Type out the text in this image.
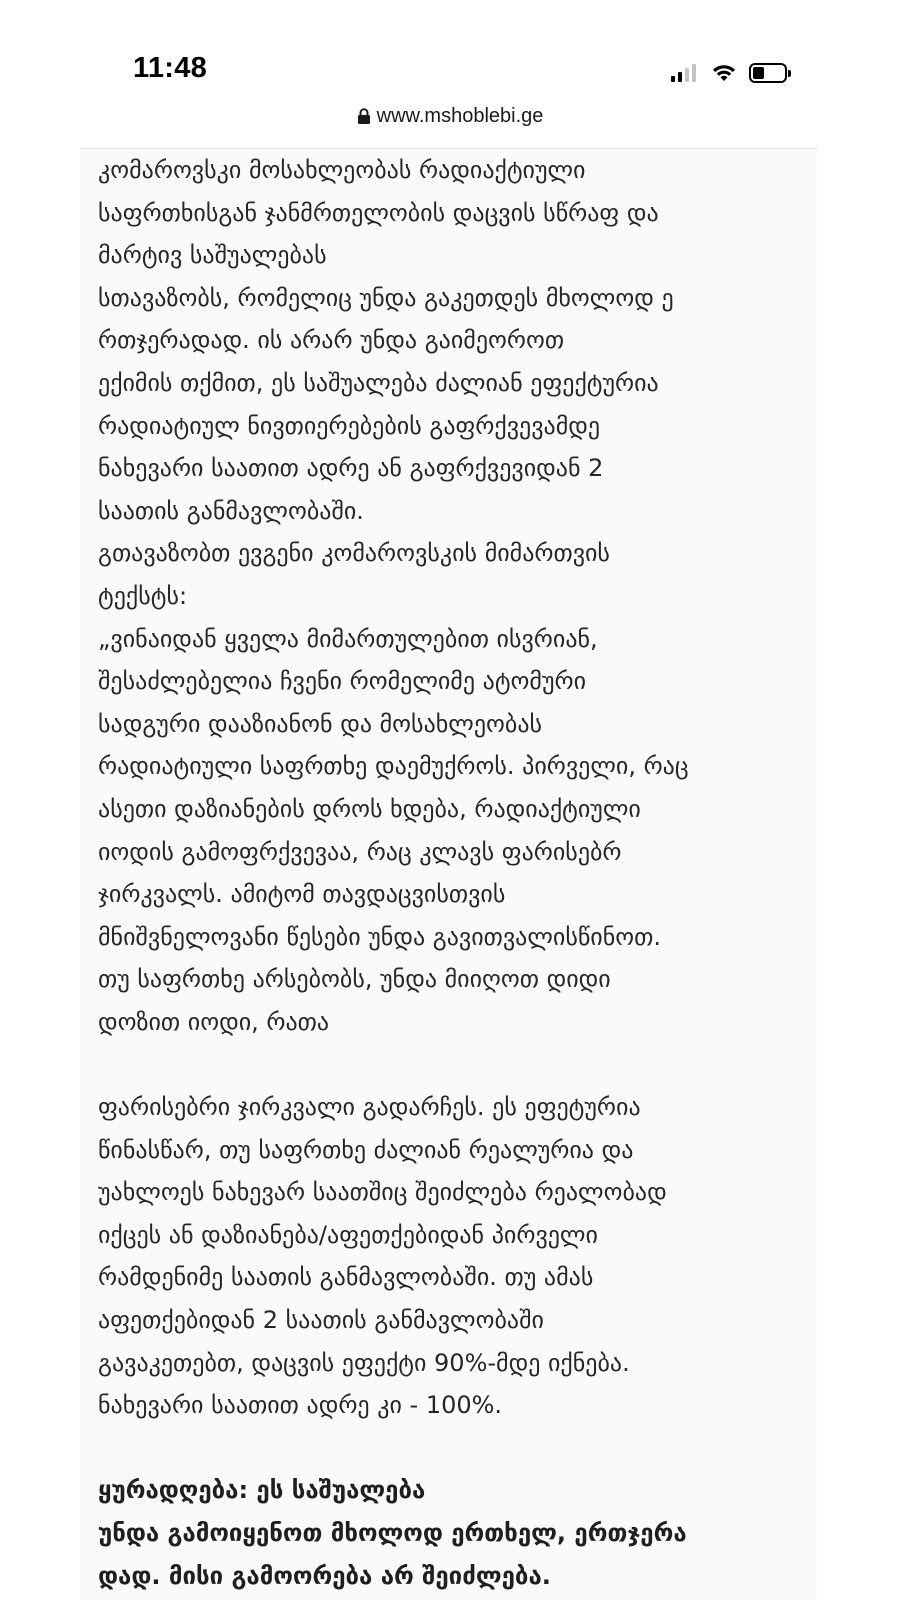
11:48
www.mshoblebi.ge
კომაროვსკი მოსახლეობას რადიაქტიული
საფრთხისგან ჯანმრთელობის დაცვის სწრაფ და
მარტივ საშუალებას
სთავაზობს, რომელიც უნდა გაკეთდეს მხოლოდ ე
რთჯერადად. ის არარ უნდა გაიმეოროთ
ექიმის თქმით, ეს საშუალება ძალიან ეფექტურია
რადიატიულ ნივთიერებების გაფრქვევამდე
ნახევარი საათით ადრე ან გაფრქვევიდან 2
საათის განმავლობაში.
გთავაზობთ ევგენი კომაროვსკის მიმართვის
ტექსტს:
„ვინაიდან ყველა მიმართულებით ისვრიან,
შესაძლებელია ჩვენი რომელიმე ატომური
სადგური დააზიანონ და მოსახლეობას
რადიატიული საფრთხე დაემუქროს. პირველი, რაც
ასეთი დაზიანების დროს ხდება, რადიაქტიული
იოდის გამოფრქვევაა, რაც კლავს ფარისებრ
ჯირკვალს. ამიტომ თავდაცვისთვის
მნიშვნელოვანი წესები უნდა გავითვალისწინოთ.
თუ საფრთხე არსებობს, უნდა მიიღოთ დიდი
დოზით იოდი, რათა
ფარისებრი ჯირკვალი გადარჩეს. ეს ეფეტურია
წინასწარ, თუ საფრთხე ძალიან რეალურია და
უახლოეს ნახევარ საათშიც შეიძლება რეალობად
იქცეს ან დაზიანება/აფეთქებიდან პირველი
რამდენიმე საათის განმავლობაში. თუ ამას
აფეთქებიდან 2 საათის განმავლობაში
გავაკეთებთ, დაცვის ეფექტი 90%-მდე იქნება.
ნახევარი საათით ადრე კი - 100%.
ყურადღება: ეს საშუალება
უნდა გამოიყენოთ მხოლოდ ერთხელ, ერთჯერა
დად. მისი გამოორება არ შეიძლება.
